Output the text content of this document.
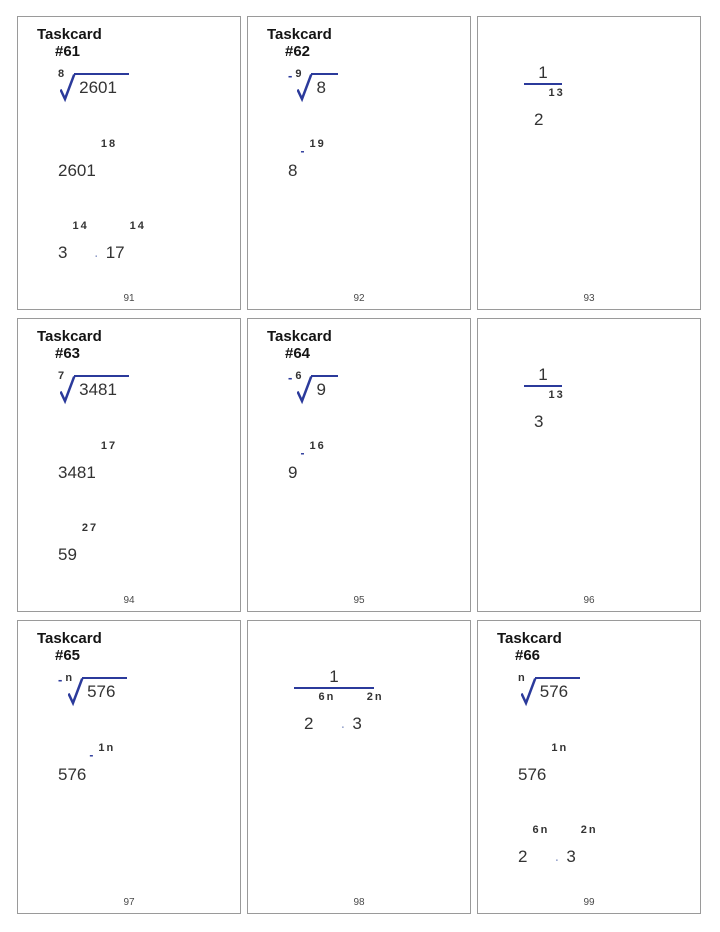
Taskcard
#61
8
2601
2601
1 8
3
1 4
· 17
1 4
91
Taskcard
#62
- 9
8
8
- 1 9
92
1
2
1 3
93
Taskcard
#63
7
3481
3481
1 7
59
2 7
94
Taskcard
#64
- 6
9
9
- 1 6
95
1
3
1 3
96
Taskcard
#65
- n
576
576
- 1 n
97
1
2
6 n
· 3
2 n
98
Taskcard
#66
n
576
576
1 n
2
6 n
· 3
2 n
99
